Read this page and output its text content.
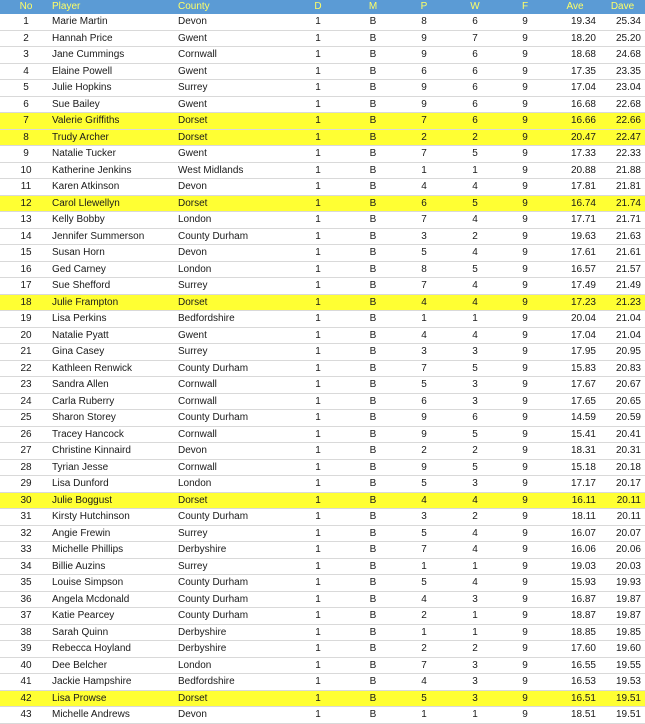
No	Player	County	D	M	P	W	F	Ave	Dave
1	Marie Martin	Devon	1	B	8	6	9	19.34	25.34
2	Hannah Price	Gwent	1	B	9	7	9	18.20	25.20
3	Jane Cummings	Cornwall	1	B	9	6	9	18.68	24.68
4	Elaine Powell	Gwent	1	B	6	6	9	17.35	23.35
5	Julie Hopkins	Surrey	1	B	9	6	9	17.04	23.04
6	Sue Bailey	Gwent	1	B	9	6	9	16.68	22.68
7	Valerie Griffiths	Dorset	1	B	7	6	9	16.66	22.66
8	Trudy Archer	Dorset	1	B	2	2	9	20.47	22.47
9	Natalie Tucker	Gwent	1	B	7	5	9	17.33	22.33
10	Katherine Jenkins	West Midlands	1	B	1	1	9	20.88	21.88
11	Karen Atkinson	Devon	1	B	4	4	9	17.81	21.81
12	Carol Llewellyn	Dorset	1	B	6	5	9	16.74	21.74
13	Kelly Bobby	London	1	B	7	4	9	17.71	21.71
14	Jennifer Summerson	County Durham	1	B	3	2	9	19.63	21.63
15	Susan Horn	Devon	1	B	5	4	9	17.61	21.61
16	Ged Carney	London	1	B	8	5	9	16.57	21.57
17	Sue Shefford	Surrey	1	B	7	4	9	17.49	21.49
18	Julie Frampton	Dorset	1	B	4	4	9	17.23	21.23
19	Lisa Perkins	Bedfordshire	1	B	1	1	9	20.04	21.04
20	Natalie Pyatt	Gwent	1	B	4	4	9	17.04	21.04
21	Gina Casey	Surrey	1	B	3	3	9	17.95	20.95
22	Kathleen Renwick	County Durham	1	B	7	5	9	15.83	20.83
23	Sandra Allen	Cornwall	1	B	5	3	9	17.67	20.67
24	Carla Ruberry	Cornwall	1	B	6	3	9	17.65	20.65
25	Sharon Storey	County Durham	1	B	9	6	9	14.59	20.59
26	Tracey Hancock	Cornwall	1	B	9	5	9	15.41	20.41
27	Christine Kinnaird	Devon	1	B	2	2	9	18.31	20.31
28	Tyrian Jesse	Cornwall	1	B	9	5	9	15.18	20.18
29	Lisa Dunford	London	1	B	5	3	9	17.17	20.17
30	Julie Boggust	Dorset	1	B	4	4	9	16.11	20.11
31	Kirsty Hutchinson	County Durham	1	B	3	2	9	18.11	20.11
32	Angie Frewin	Surrey	1	B	5	4	9	16.07	20.07
33	Michelle Phillips	Derbyshire	1	B	7	4	9	16.06	20.06
34	Billie Auzins	Surrey	1	B	1	1	9	19.03	20.03
35	Louise Simpson	County Durham	1	B	5	4	9	15.93	19.93
36	Angela Mcdonald	County Durham	1	B	4	3	9	16.87	19.87
37	Katie Pearcey	County Durham	1	B	2	1	9	18.87	19.87
38	Sarah Quinn	Derbyshire	1	B	1	1	9	18.85	19.85
39	Rebecca Hoyland	Derbyshire	1	B	2	2	9	17.60	19.60
40	Dee Belcher	London	1	B	7	3	9	16.55	19.55
41	Jackie Hampshire	Bedfordshire	1	B	4	3	9	16.53	19.53
42	Lisa Prowse	Dorset	1	B	5	3	9	16.51	19.51
43	Michelle Andrews	Devon	1	B	1	1	9	18.51	19.51
